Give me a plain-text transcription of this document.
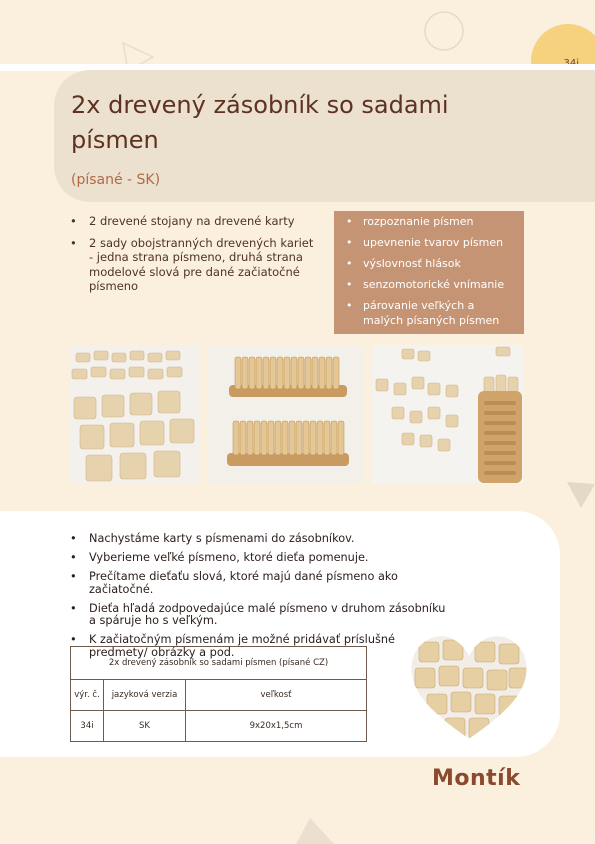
2x drevený zásobník so sadami písmen
(písané - SK)
• 2 drevené stojany na drevené karty
• 2 sady obojstranných drevených kariet - jedna strana písmeno, druhá strana modelové slová pre dané začiatočné písmeno
• rozpoznanie písmen
• upevnenie tvarov písmen
• výslovnosť hlások
• senzomotorické vnímanie
• párovanie veľkých a malých písaných písmen
• Nachystáme karty s písmenami do zásobníkov.
• Vyberieme veľké písmeno, ktoré dieťa pomenuje.
• Prečítame dieťaťu slová, ktoré majú dané písmeno ako začiatočné.
• Dieťa hľadá zodpovedajúce malé písmeno v druhom zásobníku a spáruje ho s veľkým.
• K začiatočným písmenám je možné pridávať príslušné predmety/ obrázky a pod.
2x drevený zásobník so sadami písmen (písané CZ)		
výr. č.	jazyková verzia	veľkosť
34i	SK	9x20x1,5cm
Montík
